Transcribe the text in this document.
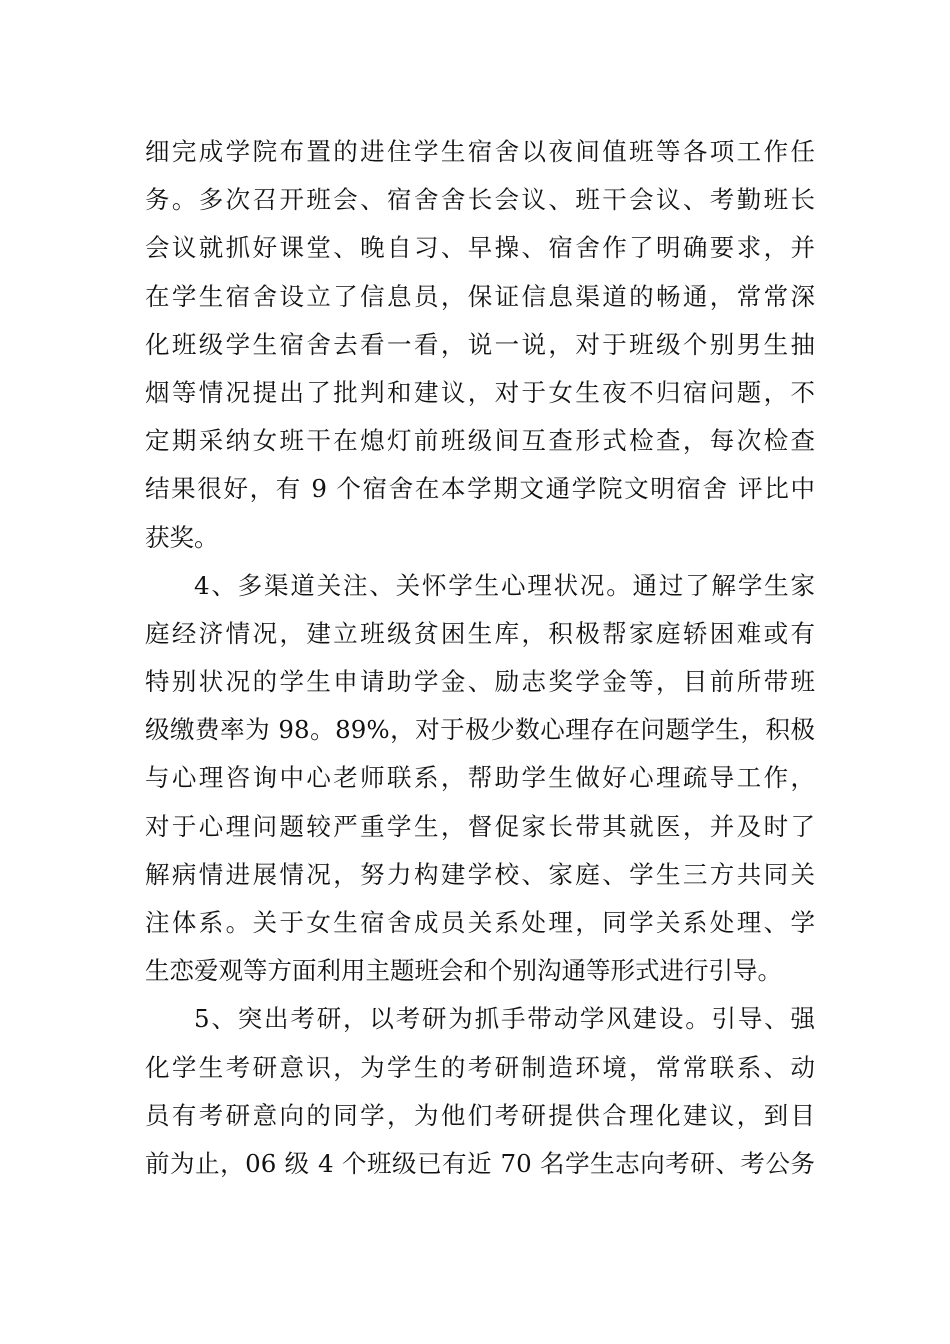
细完成学院布置的进住学生宿舍以夜间值班等各项工作任
务。多次召开班会、宿舍舍长会议、班干会议、考勤班长
会议就抓好课堂、晚自习、早操、宿舍作了明确要求，并
在学生宿舍设立了信息员，保证信息渠道的畅通，常常深
化班级学生宿舍去看一看，说一说，对于班级个别男生抽
烟等情况提出了批判和建议，对于女生夜不归宿问题，不
定期采纳女班干在熄灯前班级间互查形式检查，每次检查
结果很好，有 9 个宿舍在本学期文通学院文明宿舍 评比中
获奖。
4、多渠道关注、关怀学生心理状况。通过了解学生家
庭经济情况，建立班级贫困生库，积极帮家庭轿困难或有
特别状况的学生申请助学金、励志奖学金等，目前所带班
级缴费率为 98。89%，对于极少数心理存在问题学生，积极
与心理咨询中心老师联系，帮助学生做好心理疏导工作，
对于心理问题较严重学生，督促家长带其就医，并及时了
解病情进展情况，努力构建学校、家庭、学生三方共同关
注体系。关于女生宿舍成员关系处理，同学关系处理、学
生恋爱观等方面利用主题班会和个别沟通等形式进行引导。
5、突出考研，以考研为抓手带动学风建设。引导、强
化学生考研意识，为学生的考研制造环境，常常联系、动
员有考研意向的同学，为他们考研提供合理化建议，到目
前为止，06 级 4 个班级已有近 70 名学生志向考研、考公务
